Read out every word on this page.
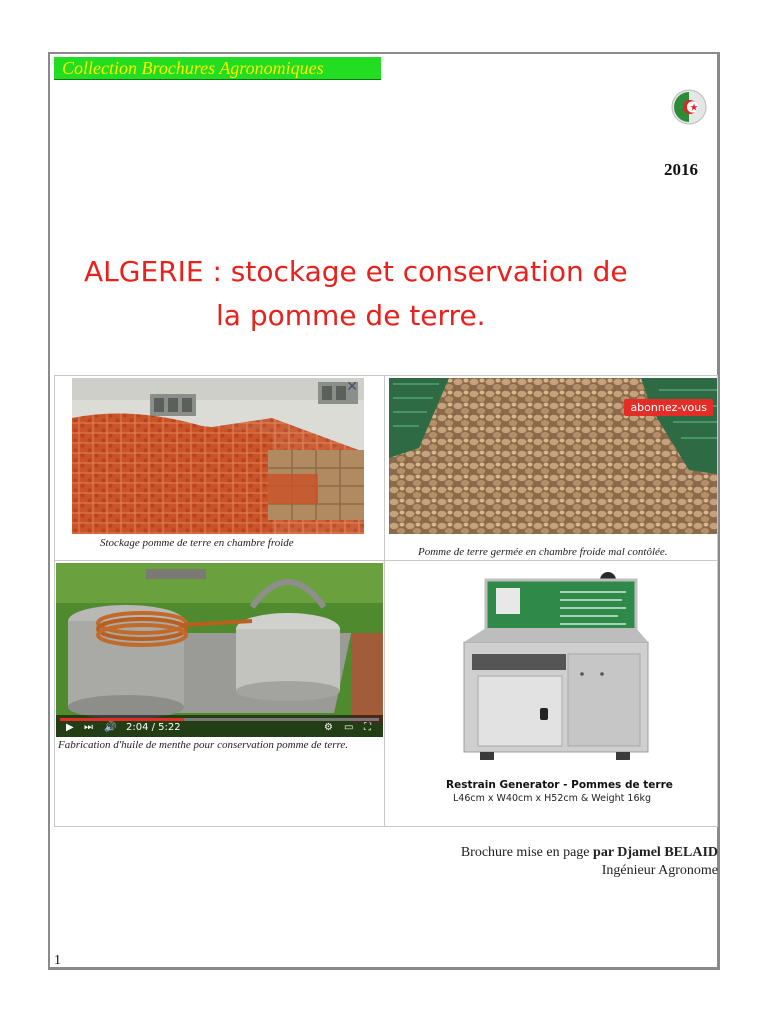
Collection Brochures Agronomiques
2016
ALGERIE : stockage et conservation de
la pomme de terre.
✕
Stockage pomme de terre en chambre froide
abonnez-vous
Pomme de terre germée en chambre froide mal contôlée.
▶ ⏭ 🔊 2:04 / 5:22	⚙ ▭ ⛶
Fabrication d'huile de menthe pour conservation pomme de terre.
Restrain Generator - Pommes de terre
L46cm x W40cm x H52cm & Weight 16kg
Brochure mise en page par Djamel BELAID
Ingénieur Agronome
1
